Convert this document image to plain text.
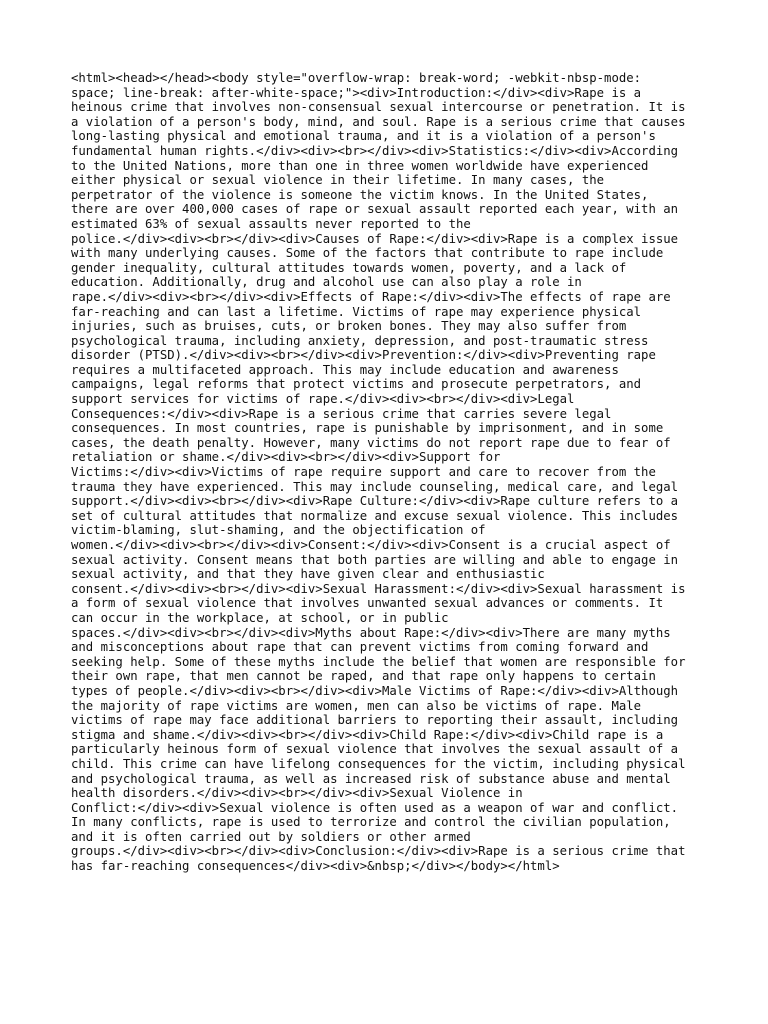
<html><head></head><body style="overflow-wrap: break-word; -webkit-nbsp-mode:
space; line-break: after-white-space;"><div>Introduction:</div><div>Rape is a
heinous crime that involves non-consensual sexual intercourse or penetration. It is
a violation of a person's body, mind, and soul. Rape is a serious crime that causes
long-lasting physical and emotional trauma, and it is a violation of a person's
fundamental human rights.</div><div><br></div><div>Statistics:</div><div>According
to the United Nations, more than one in three women worldwide have experienced
either physical or sexual violence in their lifetime. In many cases, the
perpetrator of the violence is someone the victim knows. In the United States,
there are over 400,000 cases of rape or sexual assault reported each year, with an
estimated 63% of sexual assaults never reported to the
police.</div><div><br></div><div>Causes of Rape:</div><div>Rape is a complex issue
with many underlying causes. Some of the factors that contribute to rape include
gender inequality, cultural attitudes towards women, poverty, and a lack of
education. Additionally, drug and alcohol use can also play a role in
rape.</div><div><br></div><div>Effects of Rape:</div><div>The effects of rape are
far-reaching and can last a lifetime. Victims of rape may experience physical
injuries, such as bruises, cuts, or broken bones. They may also suffer from
psychological trauma, including anxiety, depression, and post-traumatic stress
disorder (PTSD).</div><div><br></div><div>Prevention:</div><div>Preventing rape
requires a multifaceted approach. This may include education and awareness
campaigns, legal reforms that protect victims and prosecute perpetrators, and
support services for victims of rape.</div><div><br></div><div>Legal
Consequences:</div><div>Rape is a serious crime that carries severe legal
consequences. In most countries, rape is punishable by imprisonment, and in some
cases, the death penalty. However, many victims do not report rape due to fear of
retaliation or shame.</div><div><br></div><div>Support for
Victims:</div><div>Victims of rape require support and care to recover from the
trauma they have experienced. This may include counseling, medical care, and legal
support.</div><div><br></div><div>Rape Culture:</div><div>Rape culture refers to a
set of cultural attitudes that normalize and excuse sexual violence. This includes
victim-blaming, slut-shaming, and the objectification of
women.</div><div><br></div><div>Consent:</div><div>Consent is a crucial aspect of
sexual activity. Consent means that both parties are willing and able to engage in
sexual activity, and that they have given clear and enthusiastic
consent.</div><div><br></div><div>Sexual Harassment:</div><div>Sexual harassment is
a form of sexual violence that involves unwanted sexual advances or comments. It
can occur in the workplace, at school, or in public
spaces.</div><div><br></div><div>Myths about Rape:</div><div>There are many myths
and misconceptions about rape that can prevent victims from coming forward and
seeking help. Some of these myths include the belief that women are responsible for
their own rape, that men cannot be raped, and that rape only happens to certain
types of people.</div><div><br></div><div>Male Victims of Rape:</div><div>Although
the majority of rape victims are women, men can also be victims of rape. Male
victims of rape may face additional barriers to reporting their assault, including
stigma and shame.</div><div><br></div><div>Child Rape:</div><div>Child rape is a
particularly heinous form of sexual violence that involves the sexual assault of a
child. This crime can have lifelong consequences for the victim, including physical
and psychological trauma, as well as increased risk of substance abuse and mental
health disorders.</div><div><br></div><div>Sexual Violence in
Conflict:</div><div>Sexual violence is often used as a weapon of war and conflict.
In many conflicts, rape is used to terrorize and control the civilian population,
and it is often carried out by soldiers or other armed
groups.</div><div><br></div><div>Conclusion:</div><div>Rape is a serious crime that
has far-reaching consequences</div><div>&nbsp;</div></body></html>
